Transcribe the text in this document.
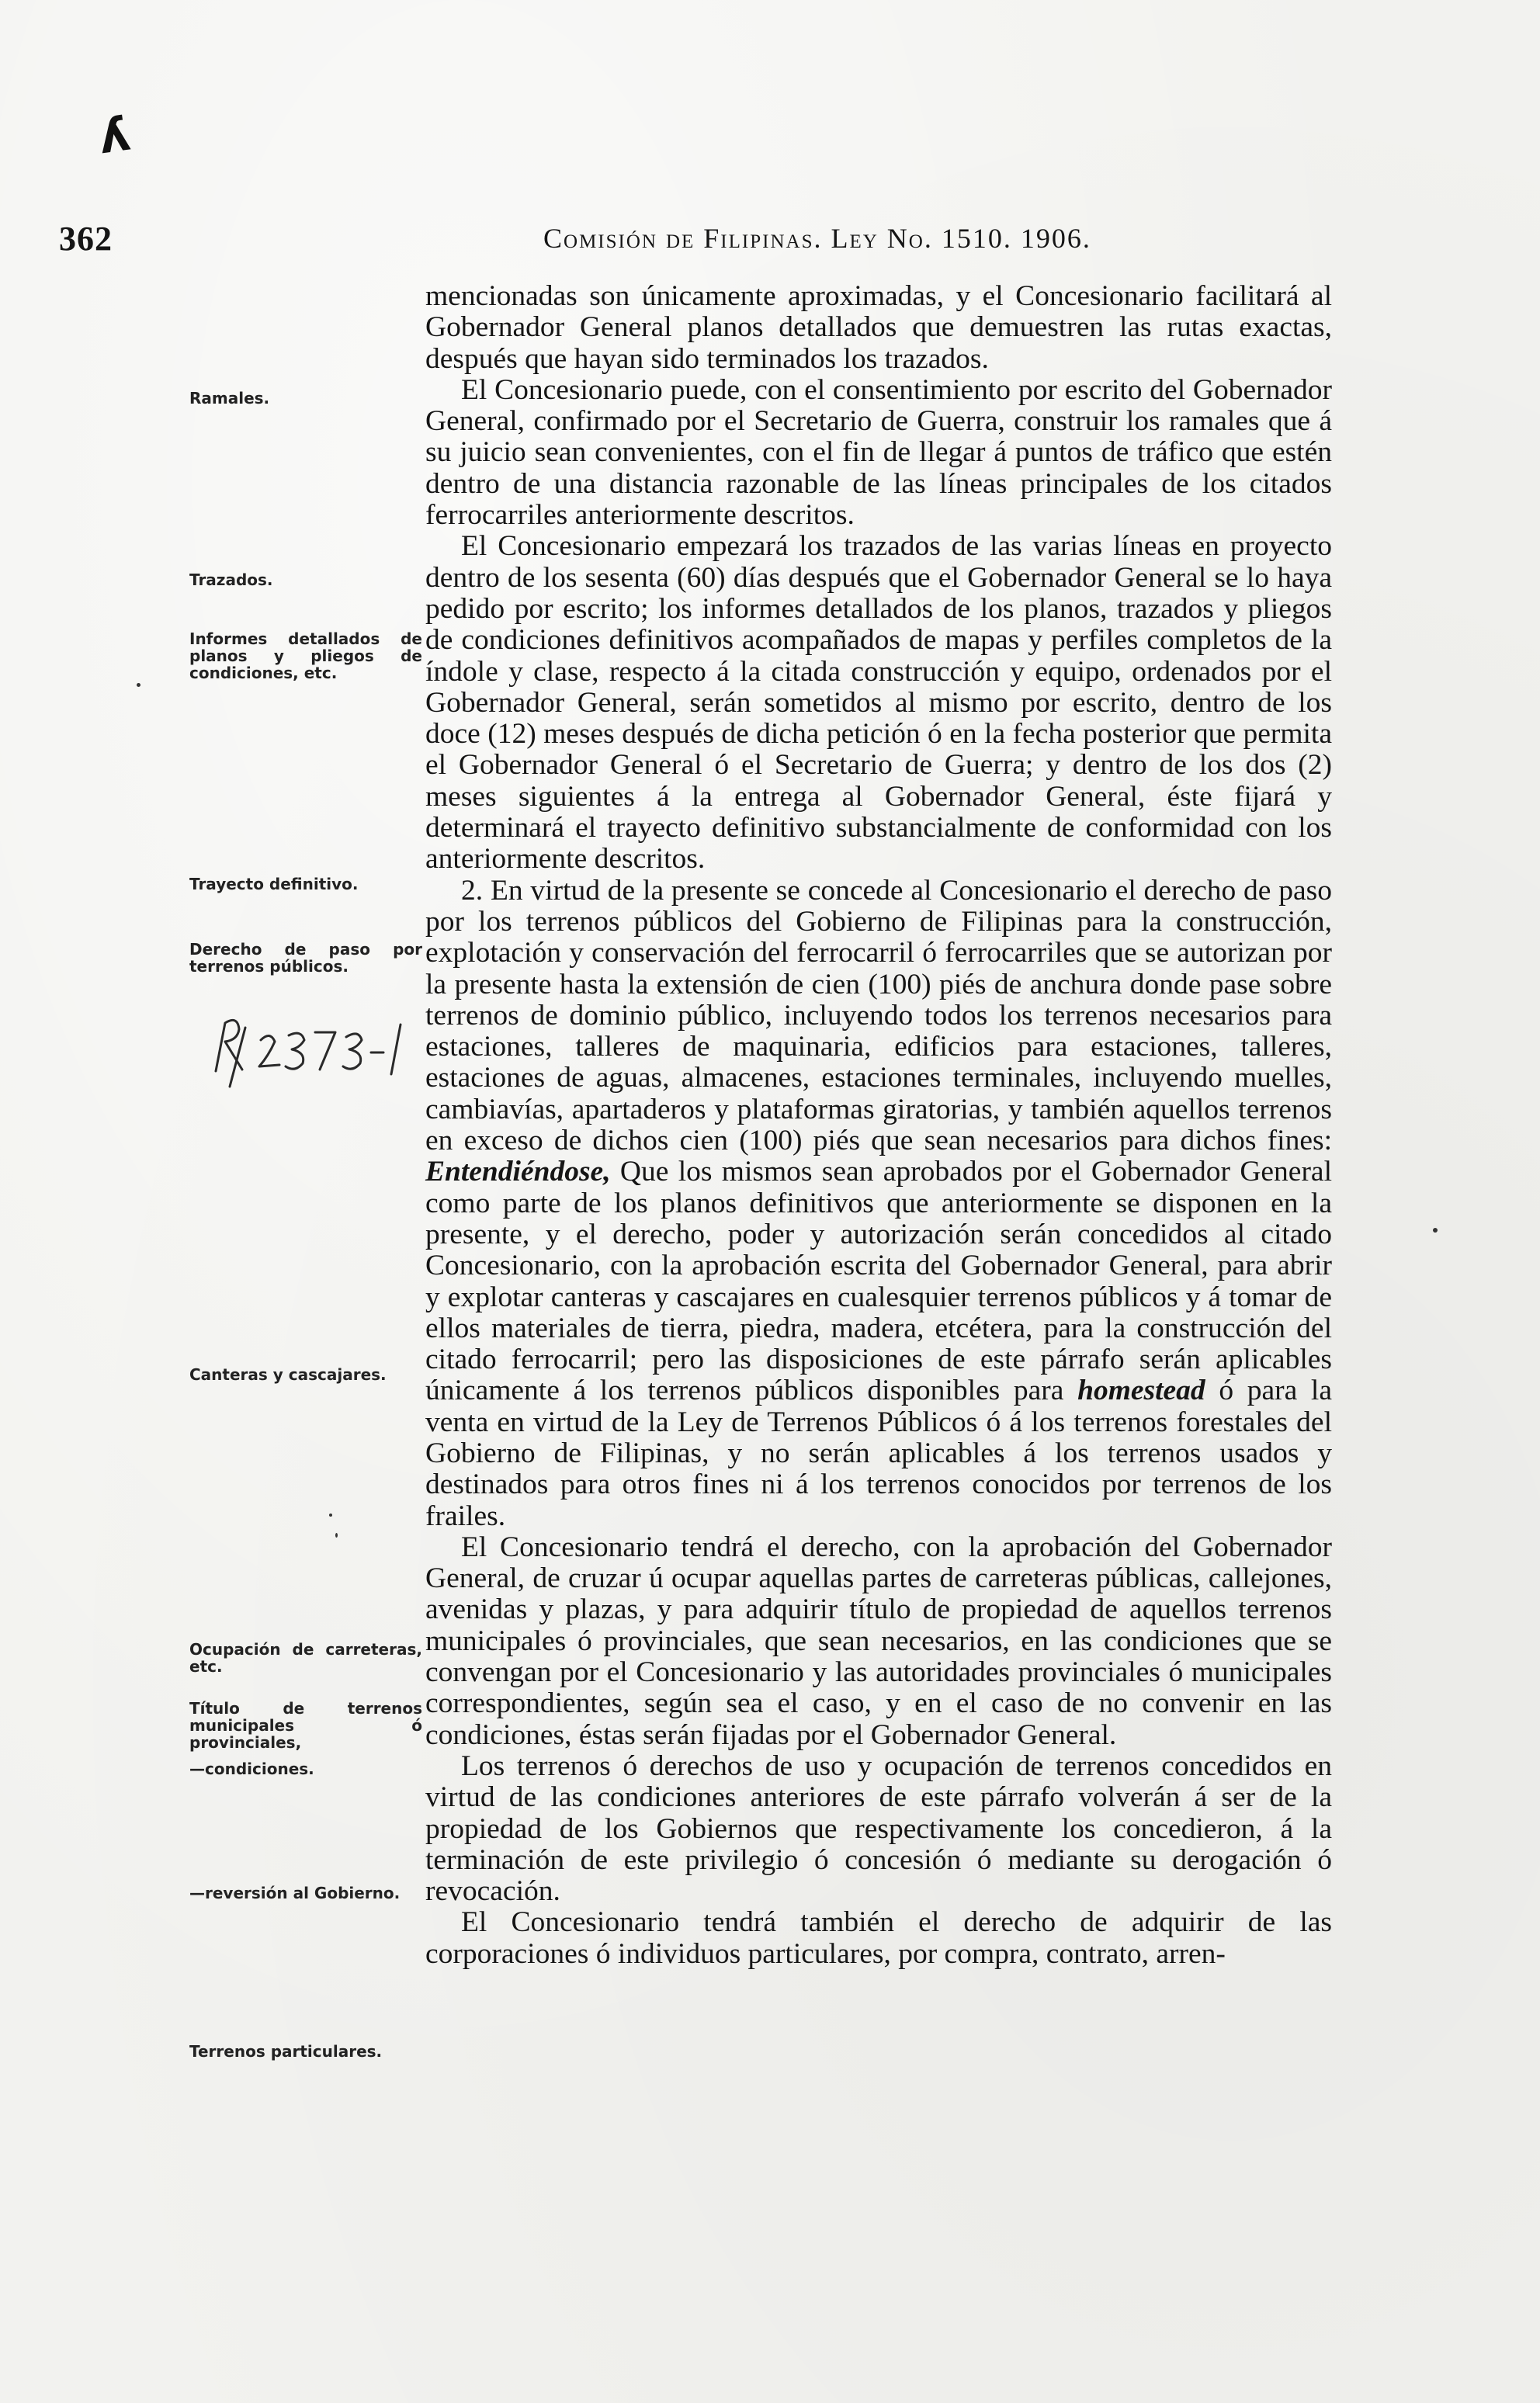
ʎ
362	Comisión de Filipinas. Ley No. 1510. 1906.
Ramales.
Trazados.
Informes detallados de planos y pliegos de condiciones, etc.
Trayecto definitivo.
Derecho de paso por terrenos públicos.
Canteras y cascajares.
Ocupación de carreteras, etc.
Título de terrenos municipales ó provinciales,
—condiciones.
—reversión al Gobierno.
Terrenos particulares.

mencionadas son únicamente aproximadas, y el Concesionario facilitará al Gobernador General planos detallados que demuestren las rutas exactas, después que hayan sido terminados los trazados.

El Concesionario puede, con el consentimiento por escrito del Gobernador General, confirmado por el Secretario de Guerra, construir los ramales que á su juicio sean convenientes, con el fin de llegar á puntos de tráfico que estén dentro de una distancia razonable de las líneas principales de los citados ferrocarriles anteriormente descritos.

El Concesionario empezará los trazados de las varias líneas en proyecto dentro de los sesenta (60) días después que el Gobernador General se lo haya pedido por escrito; los informes detallados de los planos, trazados y pliegos de condiciones definitivos acompañados de mapas y perfiles completos de la índole y clase, respecto á la citada construcción y equipo, ordenados por el Gobernador General, serán sometidos al mismo por escrito, dentro de los doce (12) meses después de dicha petición ó en la fecha posterior que permita el Gobernador General ó el Secretario de Guerra; y dentro de los dos (2) meses siguientes á la entrega al Gobernador General, éste fijará y determinará el trayecto definitivo substancialmente de conformidad con los anteriormente descritos.

2. En virtud de la presente se concede al Concesionario el derecho de paso por los terrenos públicos del Gobierno de Filipinas para la construcción, explotación y conservación del ferrocarril ó ferrocarriles que se autorizan por la presente hasta la extensión de cien (100) piés de anchura donde pase sobre terrenos de dominio público, incluyendo todos los terrenos necesarios para estaciones, talleres de maquinaria, edificios para estaciones, talleres, estaciones de aguas, almacenes, estaciones terminales, incluyendo muelles, cambiavías, apartaderos y plataformas giratorias, y también aquellos terrenos en exceso de dichos cien (100) piés que sean necesarios para dichos fines: Entendiéndose, Que los mismos sean aprobados por el Gobernador General como parte de los planos definitivos que anteriormente se disponen en la presente, y el derecho, poder y autorización serán concedidos al citado Concesionario, con la aprobación escrita del Gobernador General, para abrir y explotar canteras y cascajares en cualesquier terrenos públicos y á tomar de ellos materiales de tierra, piedra, madera, etcétera, para la construcción del citado ferrocarril; pero las disposiciones de este párrafo serán aplicables únicamente á los terrenos públicos disponibles para homestead ó para la venta en virtud de la Ley de Terrenos Públicos ó á los terrenos forestales del Gobierno de Filipinas, y no serán aplicables á los terrenos usados y destinados para otros fines ni á los terrenos conocidos por terrenos de los frailes.

El Concesionario tendrá el derecho, con la aprobación del Gobernador General, de cruzar ú ocupar aquellas partes de carreteras públicas, callejones, avenidas y plazas, y para adquirir título de propiedad de aquellos terrenos municipales ó provinciales, que sean necesarios, en las condiciones que se convengan por el Concesionario y las autoridades provinciales ó municipales correspondientes, según sea el caso, y en el caso de no convenir en las condiciones, éstas serán fijadas por el Gobernador General.

Los terrenos ó derechos de uso y ocupación de terrenos concedidos en virtud de las condiciones anteriores de este párrafo volverán á ser de la propiedad de los Gobiernos que respectivamente los concedieron, á la terminación de este privilegio ó concesión ó mediante su derogación ó revocación.

El Concesionario tendrá también el derecho de adquirir de las corporaciones ó individuos particulares, por compra, contrato, arren-
